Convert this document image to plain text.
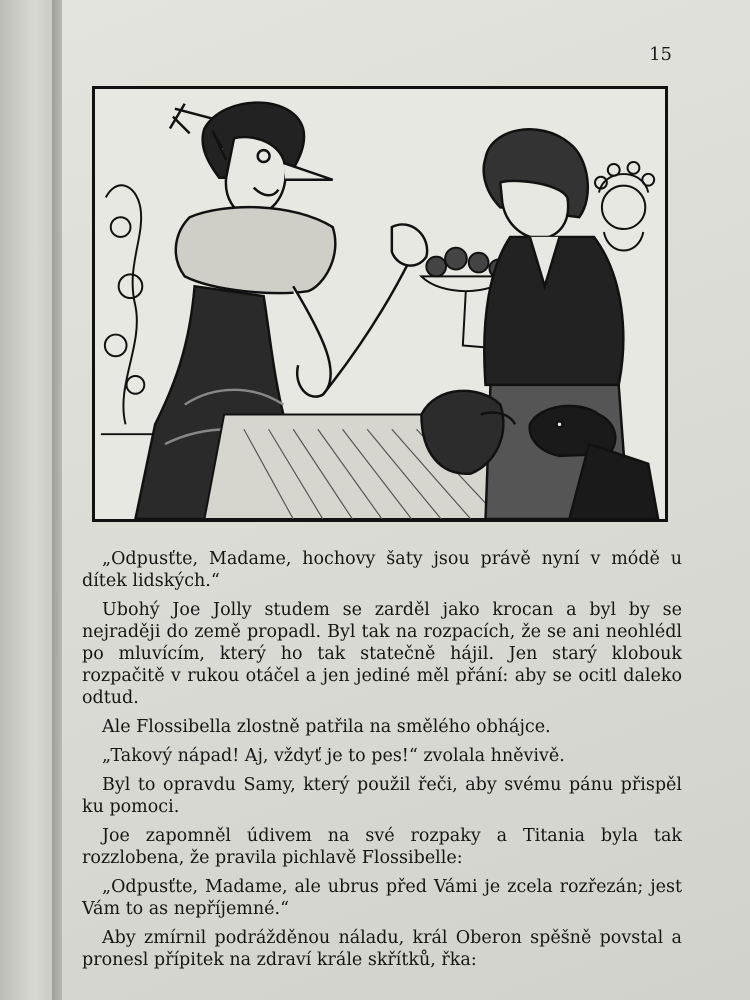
15

„Odpusťte, Madame, hochovy šaty jsou právě nyní v módě u dítek lidských.“

Ubohý Joe Jolly studem se zarděl jako krocan a byl by se nejraději do země propadl. Byl tak na rozpacích, že se ani neohlédl po mluvícím, který ho tak statečně hájil. Jen starý klobouk rozpačitě v rukou otáčel a jen jediné měl přání: aby se ocitl daleko odtud.

Ale Flossibella zlostně patřila na smělého obhájce.

„Takový nápad! Aj, vždyť je to pes!“ zvolala hněvivě.

Byl to opravdu Samy, který použil řeči, aby svému pánu přispěl ku pomoci.

Joe zapomněl údivem na své rozpaky a Titania byla tak rozzlobena, že pravila pichlavě Flossibelle:

„Odpusťte, Madame, ale ubrus před Vámi je zcela rozřezán; jest Vám to as nepříjemné.“

Aby zmírnil podrážděnou náladu, král Oberon spěšně povstal a pronesl přípitek na zdraví krále skřítků, řka:
